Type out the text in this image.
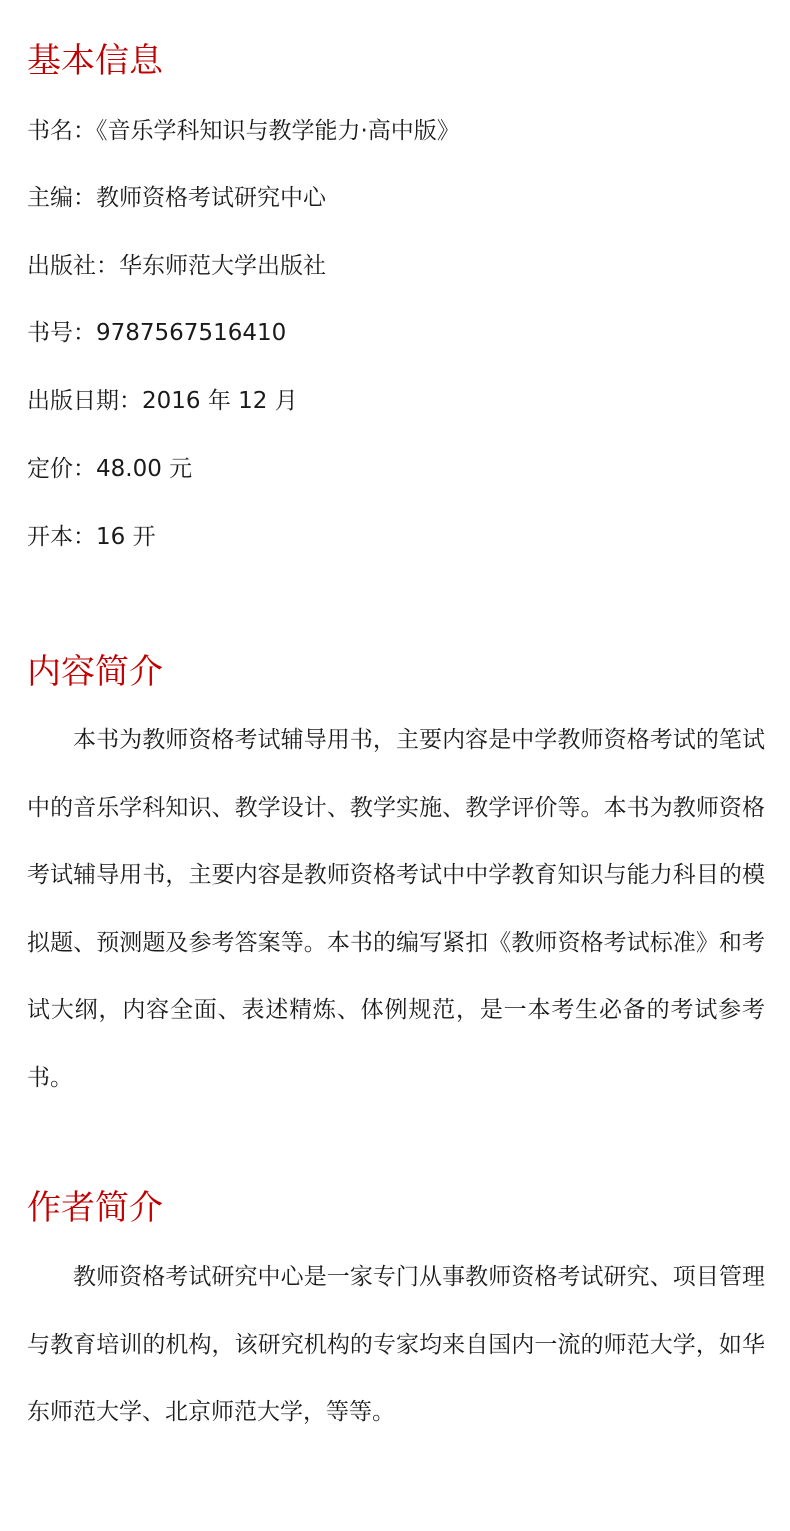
基本信息

书名：《音乐学科知识与教学能力·高中版》

主编：教师资格考试研究中心

出版社：华东师范大学出版社

书号：9787567516410

出版日期：2016 年 12 月

定价：48.00 元

开本：16 开

内容简介

本书为教师资格考试辅导用书，主要内容是中学教师资格考试的笔试中的音乐学科知识、教学设计、教学实施、教学评价等。本书为教师资格考试辅导用书，主要内容是教师资格考试中中学教育知识与能力科目的模拟题、预测题及参考答案等。本书的编写紧扣《教师资格考试标准》和考试大纲，内容全面、表述精炼、体例规范，是一本考生必备的考试参考书。

作者简介

教师资格考试研究中心是一家专门从事教师资格考试研究、项目管理与教育培训的机构，该研究机构的专家均来自国内一流的师范大学，如华东师范大学、北京师范大学，等等。
